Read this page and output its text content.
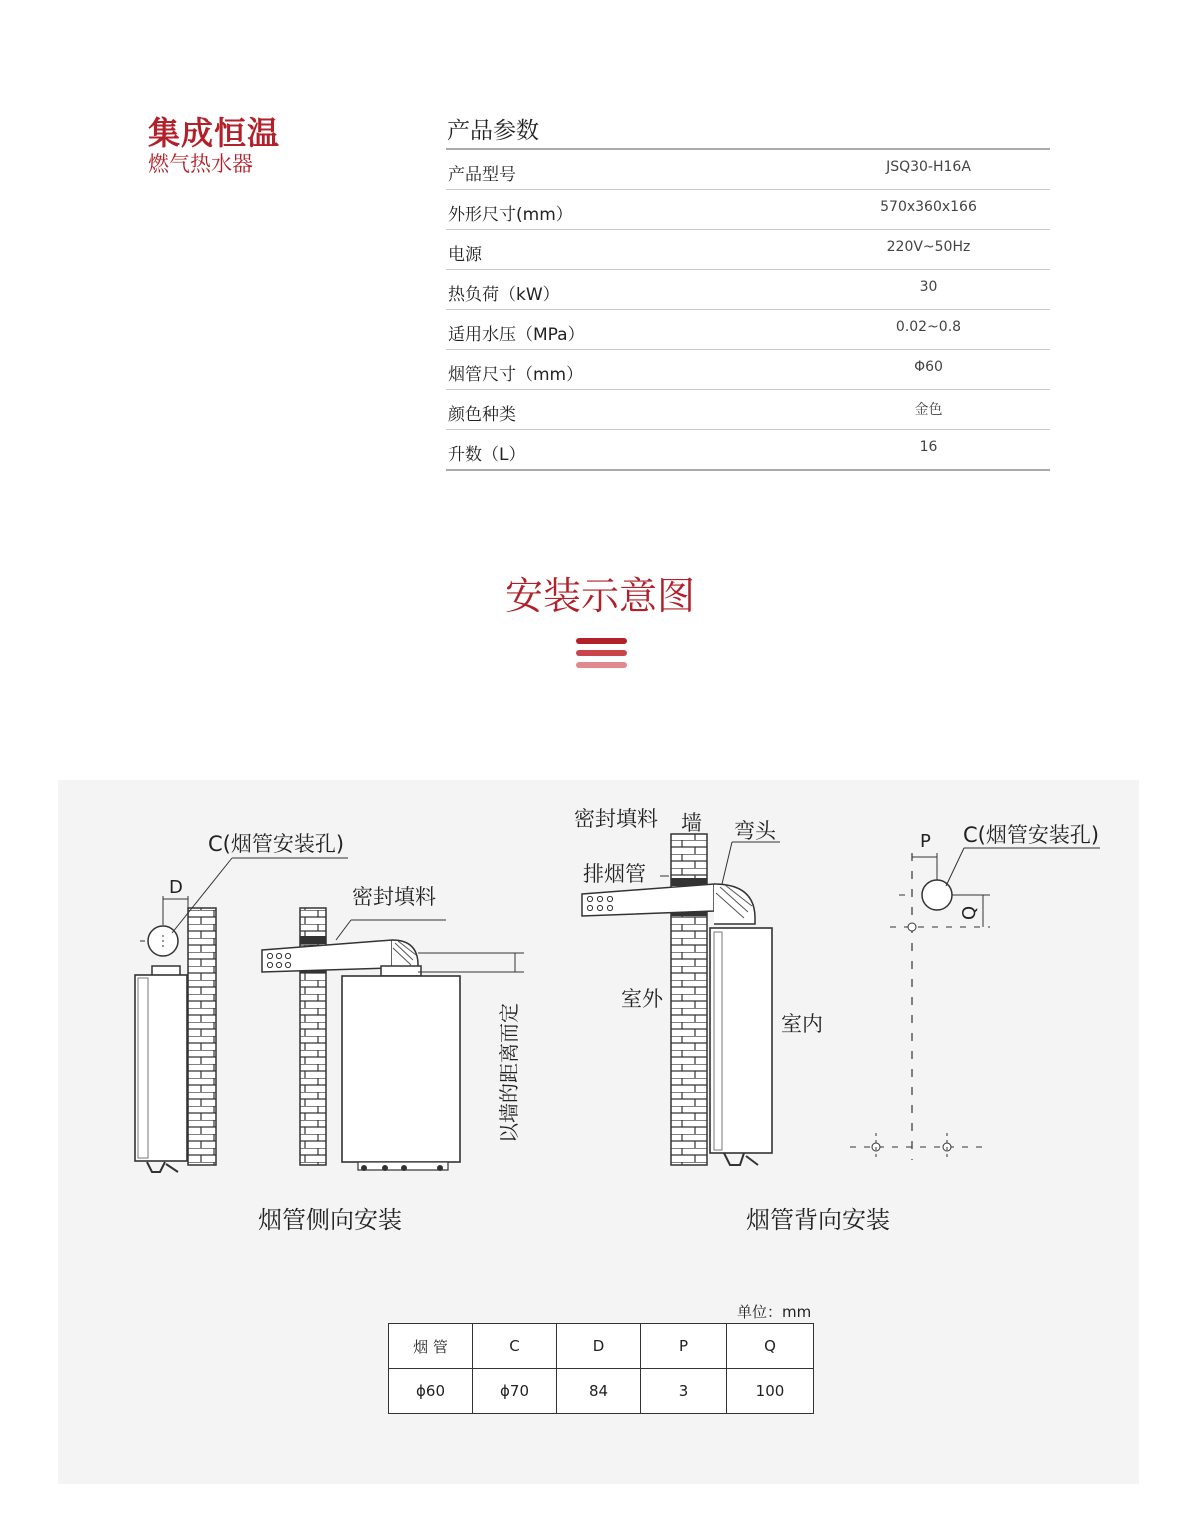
集成恒温
燃气热水器
产品参数
产品型号	JSQ30-H16A
外形尺寸(mm）	570x360x166
电源	220V~50Hz
热负荷（kW）	30
适用水压（MPa）	0.02~0.8
烟管尺寸（mm）	Φ60
颜色种类	金色
升数（L）	16
安装示意图
C(烟管安装孔)
D	密封填料
以墙的距离而定
烟管侧向安装
密封填料 墙 弯头
排烟管
室外
室内
烟管背向安装
P C(烟管安装孔)
Q
单位：mm
烟 管	C	D	P	Q
ϕ60	ϕ70	84	3	100
